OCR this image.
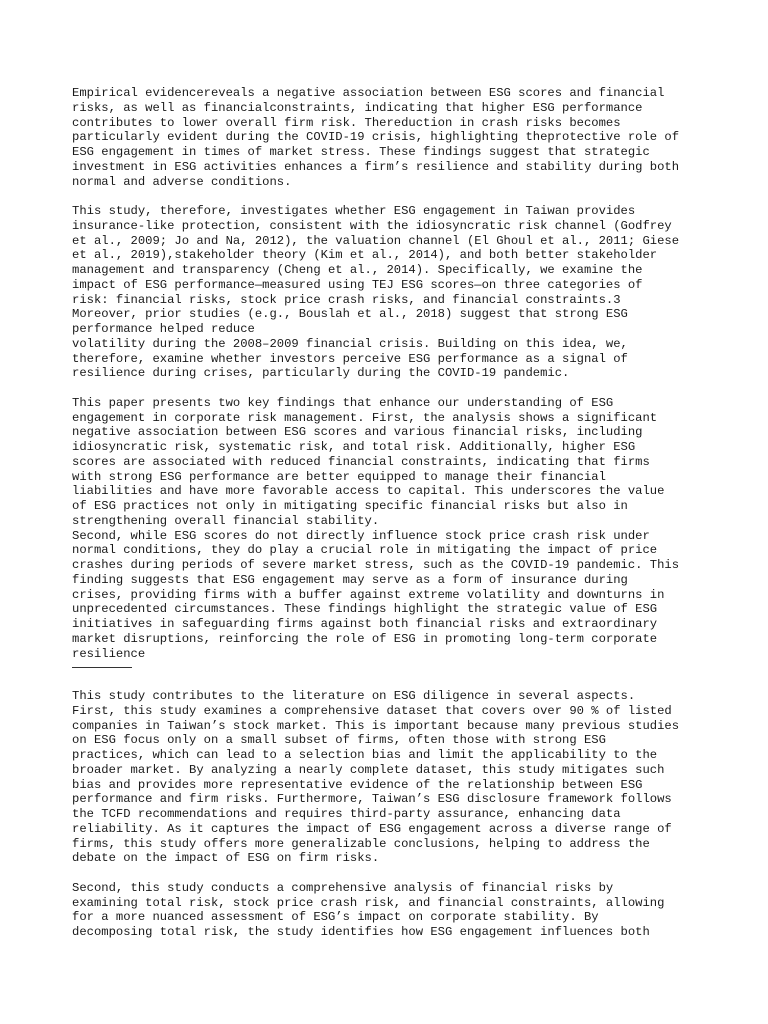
Empirical evidencereveals a negative association between ESG scores and financial
risks, as well as financialconstraints, indicating that higher ESG performance
contributes to lower overall firm risk. Thereduction in crash risks becomes
particularly evident during the COVID-19 crisis, highlighting theprotective role of
ESG engagement in times of market stress. These findings suggest that strategic
investment in ESG activities enhances a firm’s resilience and stability during both
normal and adverse conditions.

This study, therefore, investigates whether ESG engagement in Taiwan provides
insurance-like protection, consistent with the idiosyncratic risk channel (Godfrey
et al., 2009; Jo and Na, 2012), the valuation channel (El Ghoul et al., 2011; Giese
et al., 2019),stakeholder theory (Kim et al., 2014), and both better stakeholder
management and transparency (Cheng et al., 2014). Specifically, we examine the
impact of ESG performance—measured using TEJ ESG scores—on three categories of
risk: financial risks, stock price crash risks, and financial constraints.3
Moreover, prior studies (e.g., Bouslah et al., 2018) suggest that strong ESG
performance helped reduce
volatility during the 2008–2009 financial crisis. Building on this idea, we,
therefore, examine whether investors perceive ESG performance as a signal of
resilience during crises, particularly during the COVID-19 pandemic.

This paper presents two key findings that enhance our understanding of ESG
engagement in corporate risk management. First, the analysis shows a significant
negative association between ESG scores and various financial risks, including
idiosyncratic risk, systematic risk, and total risk. Additionally, higher ESG
scores are associated with reduced financial constraints, indicating that firms
with strong ESG performance are better equipped to manage their financial
liabilities and have more favorable access to capital. This underscores the value
of ESG practices not only in mitigating specific financial risks but also in
strengthening overall financial stability.
Second, while ESG scores do not directly influence stock price crash risk under
normal conditions, they do play a crucial role in mitigating the impact of price
crashes during periods of severe market stress, such as the COVID-19 pandemic. This
finding suggests that ESG engagement may serve as a form of insurance during
crises, providing firms with a buffer against extreme volatility and downturns in
unprecedented circumstances. These findings highlight the strategic value of ESG
initiatives in safeguarding firms against both financial risks and extraordinary
market disruptions, reinforcing the role of ESG in promoting long-term corporate
resilience

This study contributes to the literature on ESG diligence in several aspects.
First, this study examines a comprehensive dataset that covers over 90 % of listed
companies in Taiwan’s stock market. This is important because many previous studies
on ESG focus only on a small subset of firms, often those with strong ESG
practices, which can lead to a selection bias and limit the applicability to the
broader market. By analyzing a nearly complete dataset, this study mitigates such
bias and provides more representative evidence of the relationship between ESG
performance and firm risks. Furthermore, Taiwan’s ESG disclosure framework follows
the TCFD recommendations and requires third-party assurance, enhancing data
reliability. As it captures the impact of ESG engagement across a diverse range of
firms, this study offers more generalizable conclusions, helping to address the
debate on the impact of ESG on firm risks.

Second, this study conducts a comprehensive analysis of financial risks by
examining total risk, stock price crash risk, and financial constraints, allowing
for a more nuanced assessment of ESG’s impact on corporate stability. By
decomposing total risk, the study identifies how ESG engagement influences both
